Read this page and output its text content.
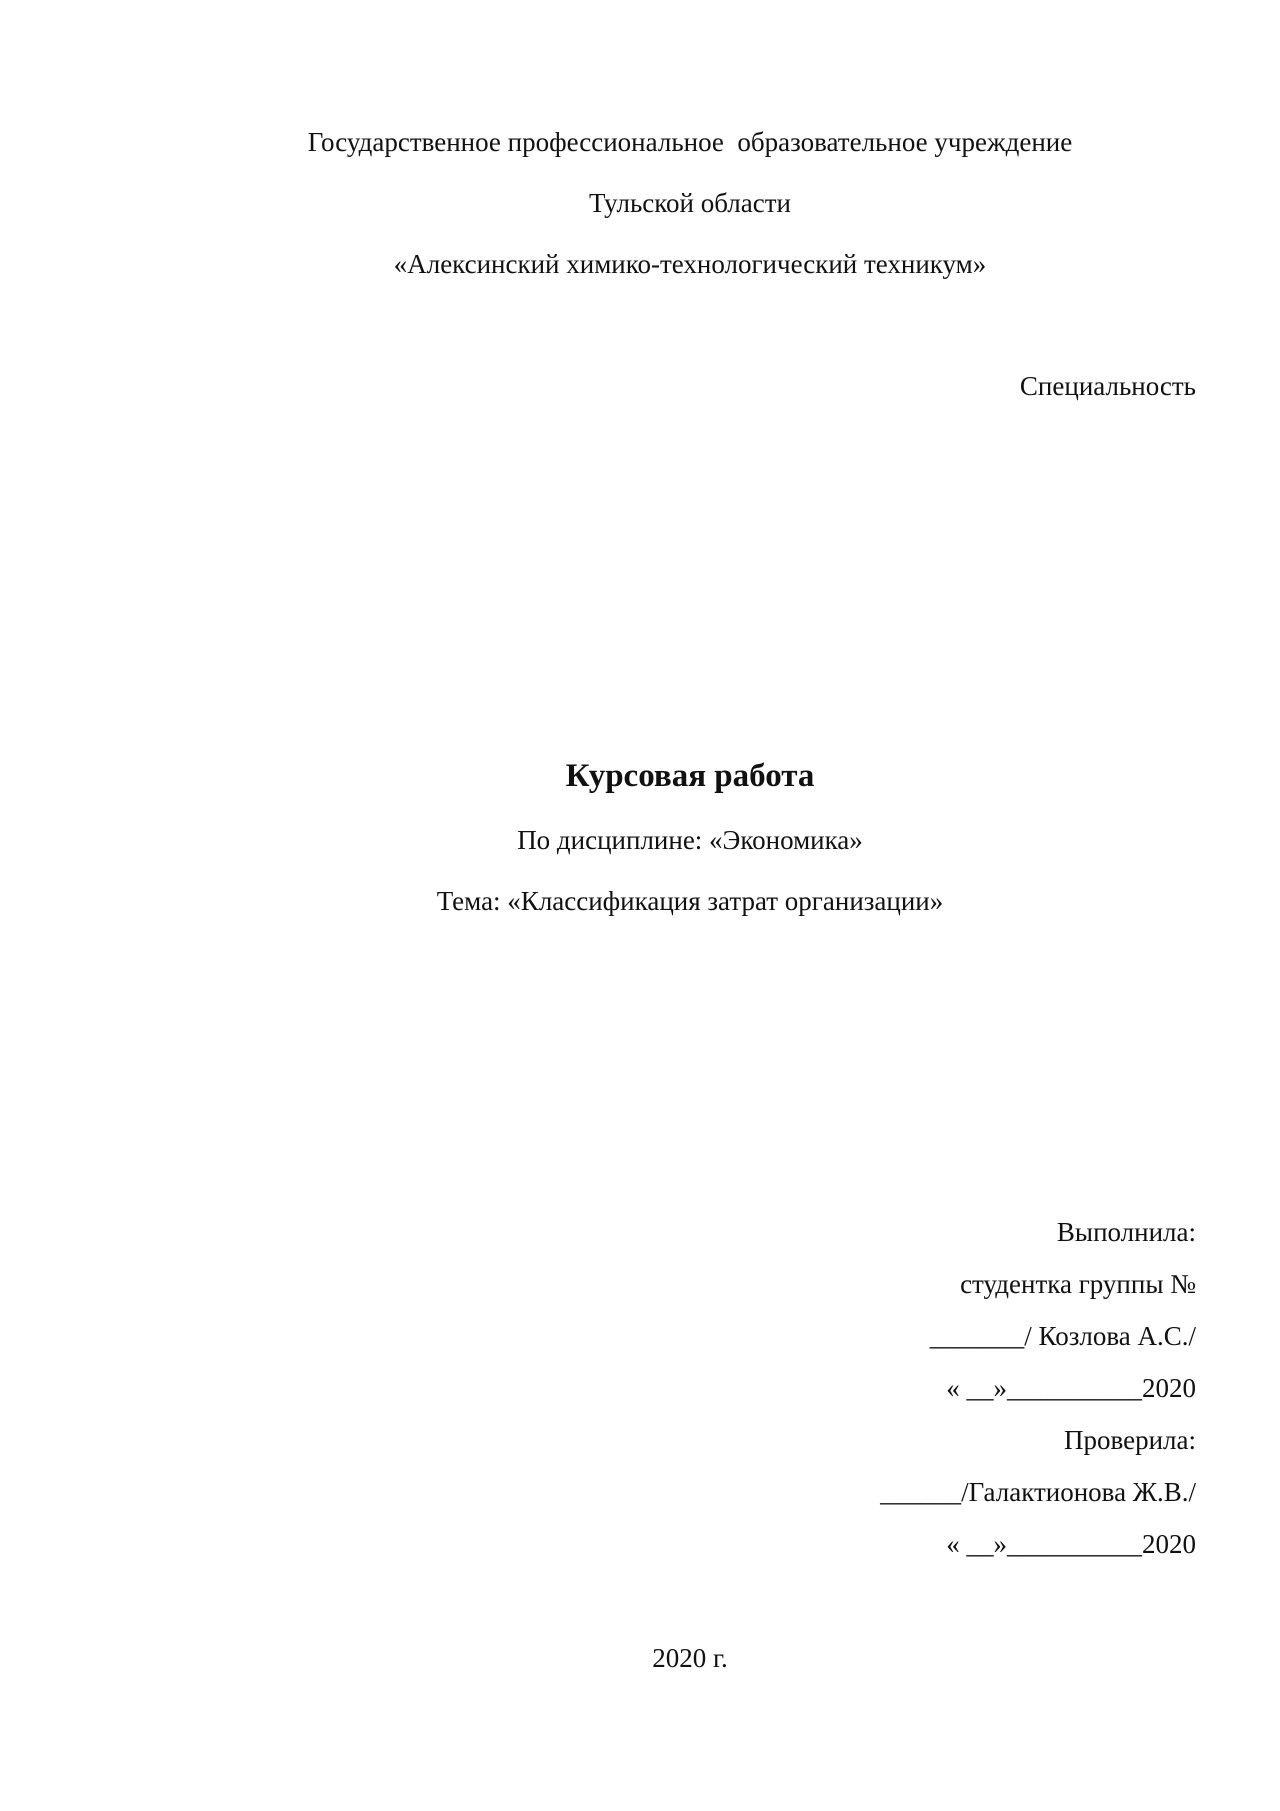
Государственное профессиональное  образовательное учреждение

Тульской области

«Алексинский химико-технологический техникум»

Специальность

Курсовая работа

По дисциплине: «Экономика»

Тема: «Классификация затрат организации»

Выполнила:

студентка группы №

_______/ Козлова А.С./

« __»__________2020

Проверила:

______/Галактионова Ж.В./

« __»__________2020

2020 г.
